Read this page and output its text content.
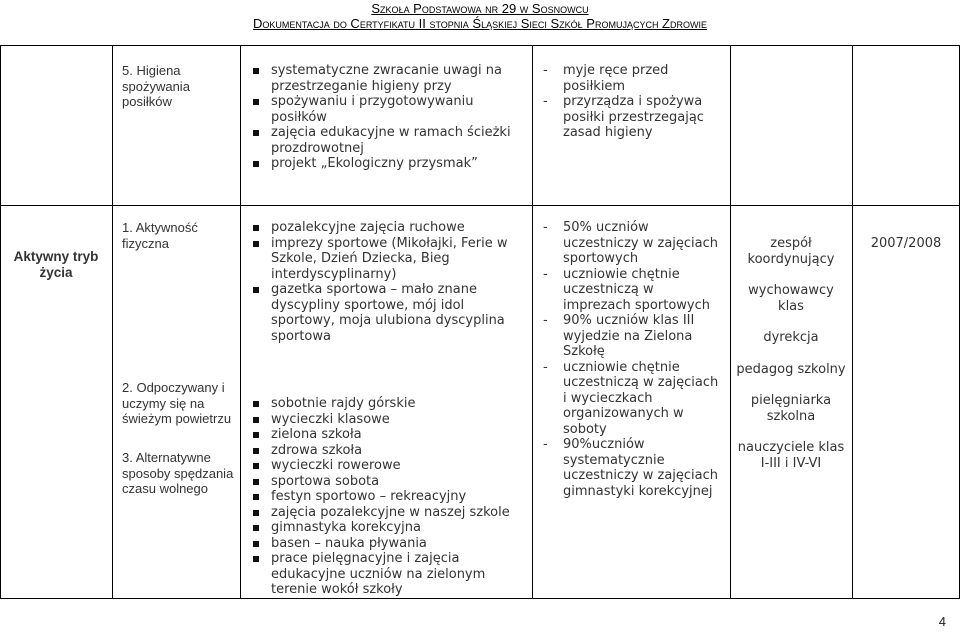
Szkoła Podstawowa nr 29 w Sosnowcu
Dokumentacja do Certyfikatu II stopnia Śląskiej Sieci Szkół Promujących Zdrowie
5. Higiena spożywania posiłków
systematyczne zwracanie uwagi na przestrzeganie higieny przy
spożywaniu i przygotowywaniu posiłków
zajęcia edukacyjne w ramach ścieżki prozdrowotnej
projekt „Ekologiczny przysmak”
- myje ręce przed posiłkiem
- przyrządza i spożywa posiłki przestrzegając zasad higieny
Aktywny tryb życia
1. Aktywność fizyczna
2. Odpoczywany i uczymy się na świeżym powietrzu
3. Alternatywne sposoby spędzania czasu wolnego
pozalekcyjne zajęcia ruchowe
imprezy sportowe (Mikołajki, Ferie w Szkole, Dzień Dziecka, Bieg interdyscyplinarny)
gazetka sportowa – mało znane dyscypliny sportowe, mój idol sportowy, moja ulubiona dyscyplina sportowa
sobotnie rajdy górskie
wycieczki klasowe
zielona szkoła
zdrowa szkoła
wycieczki rowerowe
sportowa sobota
festyn sportowo – rekreacyjny
zajęcia pozalekcyjne w naszej szkole
gimnastyka korekcyjna
basen – nauka pływania
prace pielęgnacyjne i zajęcia edukacyjne uczniów na zielonym terenie wokół szkoły
- 50% uczniów uczestniczy w zajęciach sportowych
- uczniowie chętnie uczestniczą w imprezach sportowych
- 90% uczniów klas III wyjedzie na Zielona Szkołę
- uczniowie chętnie uczestniczą w zajęciach i wycieczkach organizowanych w soboty
- 90%uczniów systematycznie uczestniczy w zajęciach gimnastyki korekcyjnej
zespół koordynujący
wychowawcy klas
dyrekcja
pedagog szkolny
pielęgniarka szkolna
nauczyciele klas I-III i IV-VI
2007/2008
4
